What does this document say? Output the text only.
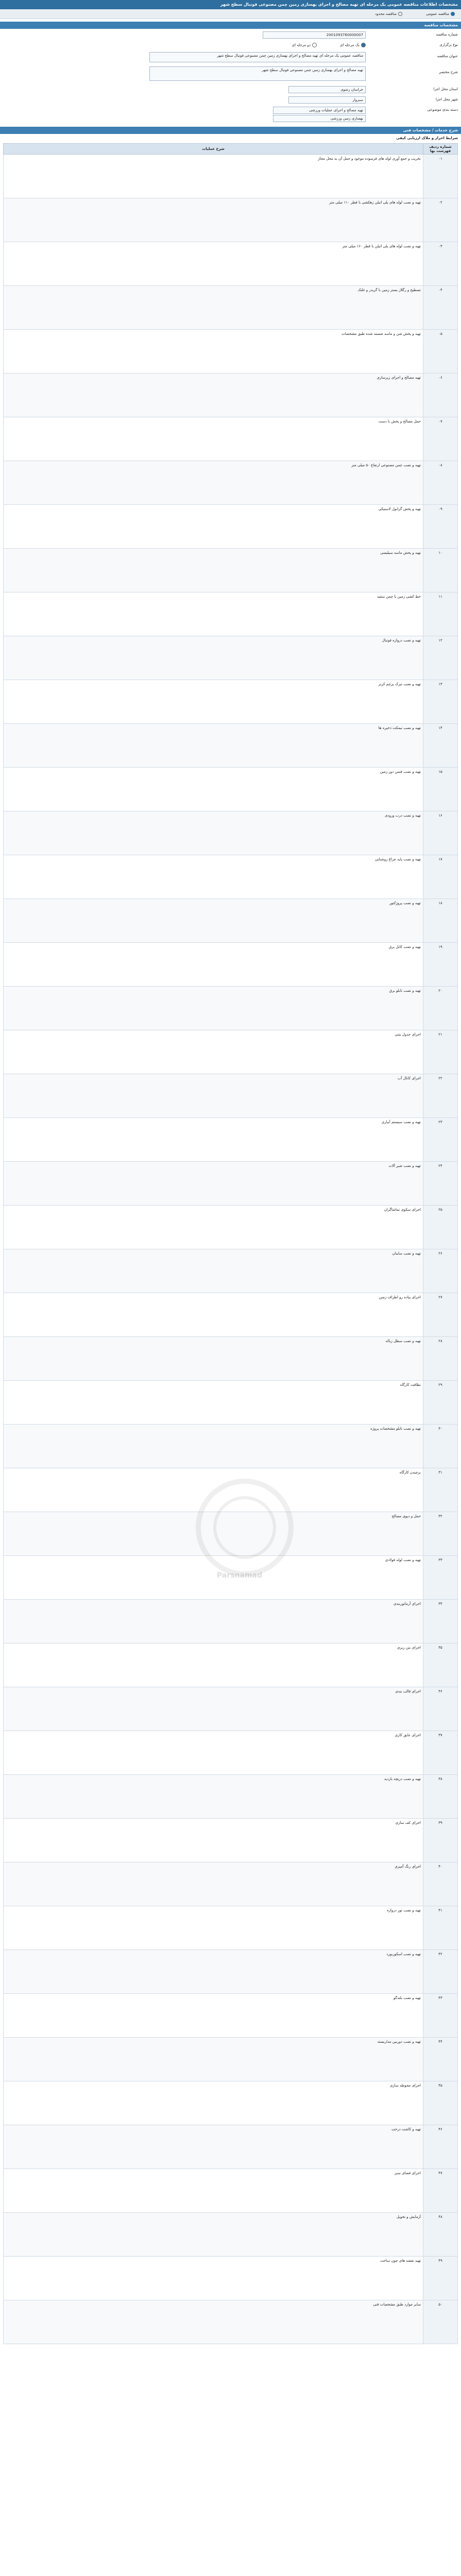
مشخصات اطلاعات مناقصه عمومی یک مرحله ای تهیه مصالح و اجرای بهسازی زمین چمن مصنوعی فوتبال سطح شهر
مناقصه عمومی
مناقصه محدود
مشخصات مناقصه
شماره مناقصه
2001093760000007
نوع برگزاری
یک مرحله ای
دو مرحله ای
عنوان مناقصه
مناقصه عمومی یک مرحله ای تهیه مصالح و اجرای بهسازی زمین چمن مصنوعی فوتبال سطح شهر
شرح مختصر
تهیه مصالح و اجرای بهسازی زمین چمن مصنوعی فوتبال سطح شهر
استان محل اجرا
خراسان رضوی
شهر محل اجرا
سبزوار
دسته بندی موضوعی
تهیه مصالح و اجرای عملیات ورزشی
بهسازی زمین ورزشی
شرح خدمات / مشخصات فنی
شرایط احراز و ملاک ارزیابی کیفی
شماره ردیف فهرست بها	شرح عملیات
۰۱	تخریب و جمع آوری لوله های فرسوده موجود و حمل آن به محل مجاز
۰۲	تهیه و نصب لوله های پلی اتیلن زهکشی با قطر ۱۱۰ میلی متر
۰۳	تهیه و نصب لوله های پلی اتیلن با قطر ۱۶۰ میلی متر
۰۴	تسطیح و رگلاژ بستر زمین با گریدر و غلتک
۰۵	تهیه و پخش شن و ماسه شسته شده طبق مشخصات
۰۶	تهیه مصالح و اجرای زیرسازی
۰۷	حمل مصالح و پخش با دست
۰۸	تهیه و نصب چمن مصنوعی ارتفاع ۵۰ میلی متر
۰۹	تهیه و پخش گرانول لاستیکی
۱۰	تهیه و پخش ماسه سیلیسی
۱۱	خط کشی زمین با چمن سفید
۱۲	تهیه و نصب دروازه فوتبال
۱۳	تهیه و نصب تیرک پرچم کرنر
۱۴	تهیه و نصب نیمکت ذخیره ها
۱۵	تهیه و نصب فنس دور زمین
۱۶	تهیه و نصب درب ورودی
۱۷	تهیه و نصب پایه چراغ روشنایی
۱۸	تهیه و نصب پروژکتور
۱۹	تهیه و نصب کابل برق
۲۰	تهیه و نصب تابلو برق
۲۱	اجرای جدول بتنی
۲۲	اجرای کانال آب
۲۳	تهیه و نصب سیستم آبیاری
۲۴	تهیه و نصب شیر آلات
۲۵	اجرای سکوی تماشاگران
۲۶	تهیه و نصب سایبان
۲۷	اجرای پیاده رو اطراف زمین
۲۸	تهیه و نصب سطل زباله
۲۹	نظافت کارگاه
۳۰	تهیه و نصب تابلو مشخصات پروژه
۳۱	برچیدن کارگاه
۳۲	حمل و دپوی مصالح
۳۳	تهیه و نصب لوله فولادی
۳۴	اجرای آرماتوربندی
۳۵	اجرای بتن ریزی
۳۶	اجرای قالب بندی
۳۷	اجرای عایق کاری
۳۸	تهیه و نصب دریچه بازدید
۳۹	اجرای کف سازی
۴۰	اجرای رنگ آمیزی
۴۱	تهیه و نصب تور دروازه
۴۲	تهیه و نصب اسکوربورد
۴۳	تهیه و نصب بلندگو
۴۴	تهیه و نصب دوربین مداربسته
۴۵	اجرای محوطه سازی
۴۶	تهیه و کاشت درخت
۴۷	اجرای فضای سبز
۴۸	آزمایش و تحویل
۴۹	تهیه نقشه های چون ساخت
۵۰	سایر موارد طبق مشخصات فنی
Parsnamad
